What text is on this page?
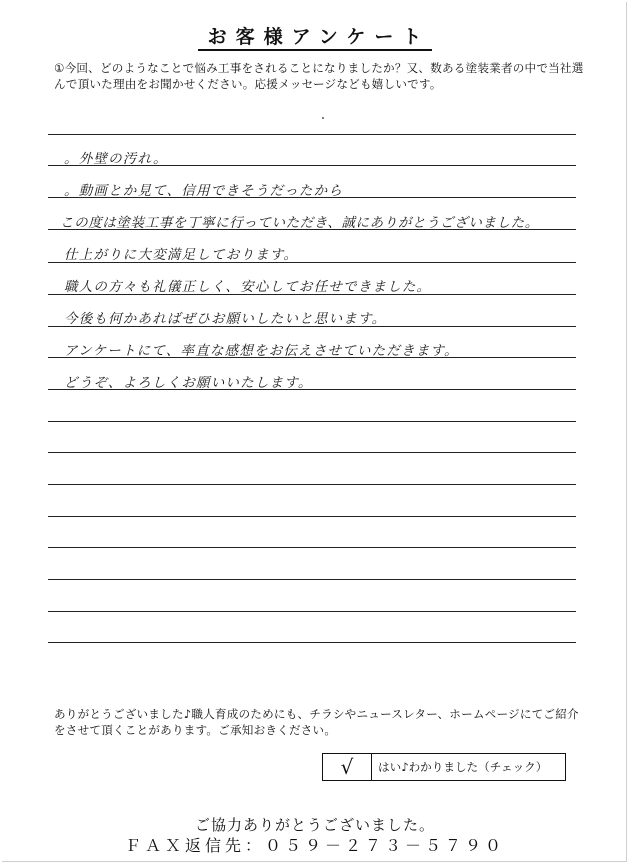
お客様アンケート
①今回、どのようなことで悩み工事をされることになりましたか？又、数ある塗装業者の中で当社選んで頂いた理由をお聞かせください。応援メッセージなども嬉しいです。
。外壁の汚れ。
。動画とか見て、信用できそうだったから
この度は塗装工事を丁寧に行っていただき、誠にありがとうございました。
仕上がりに大変満足しております。
職人の方々も礼儀正しく、安心してお任せできました。
今後も何かあればぜひお願いしたいと思います。
アンケートにて、率直な感想をお伝えさせていただきます。
どうぞ、よろしくお願いいたします。
ありがとうございました♪職人育成のためにも、チラシやニュースレター、ホームページにてご紹介をさせて頂くことがあります。ご承知おきください。
√	はい♪わかりました（チェック）
ご協力ありがとうございました。
ＦＡＸ返信先：０５９－２７３－５７９０
